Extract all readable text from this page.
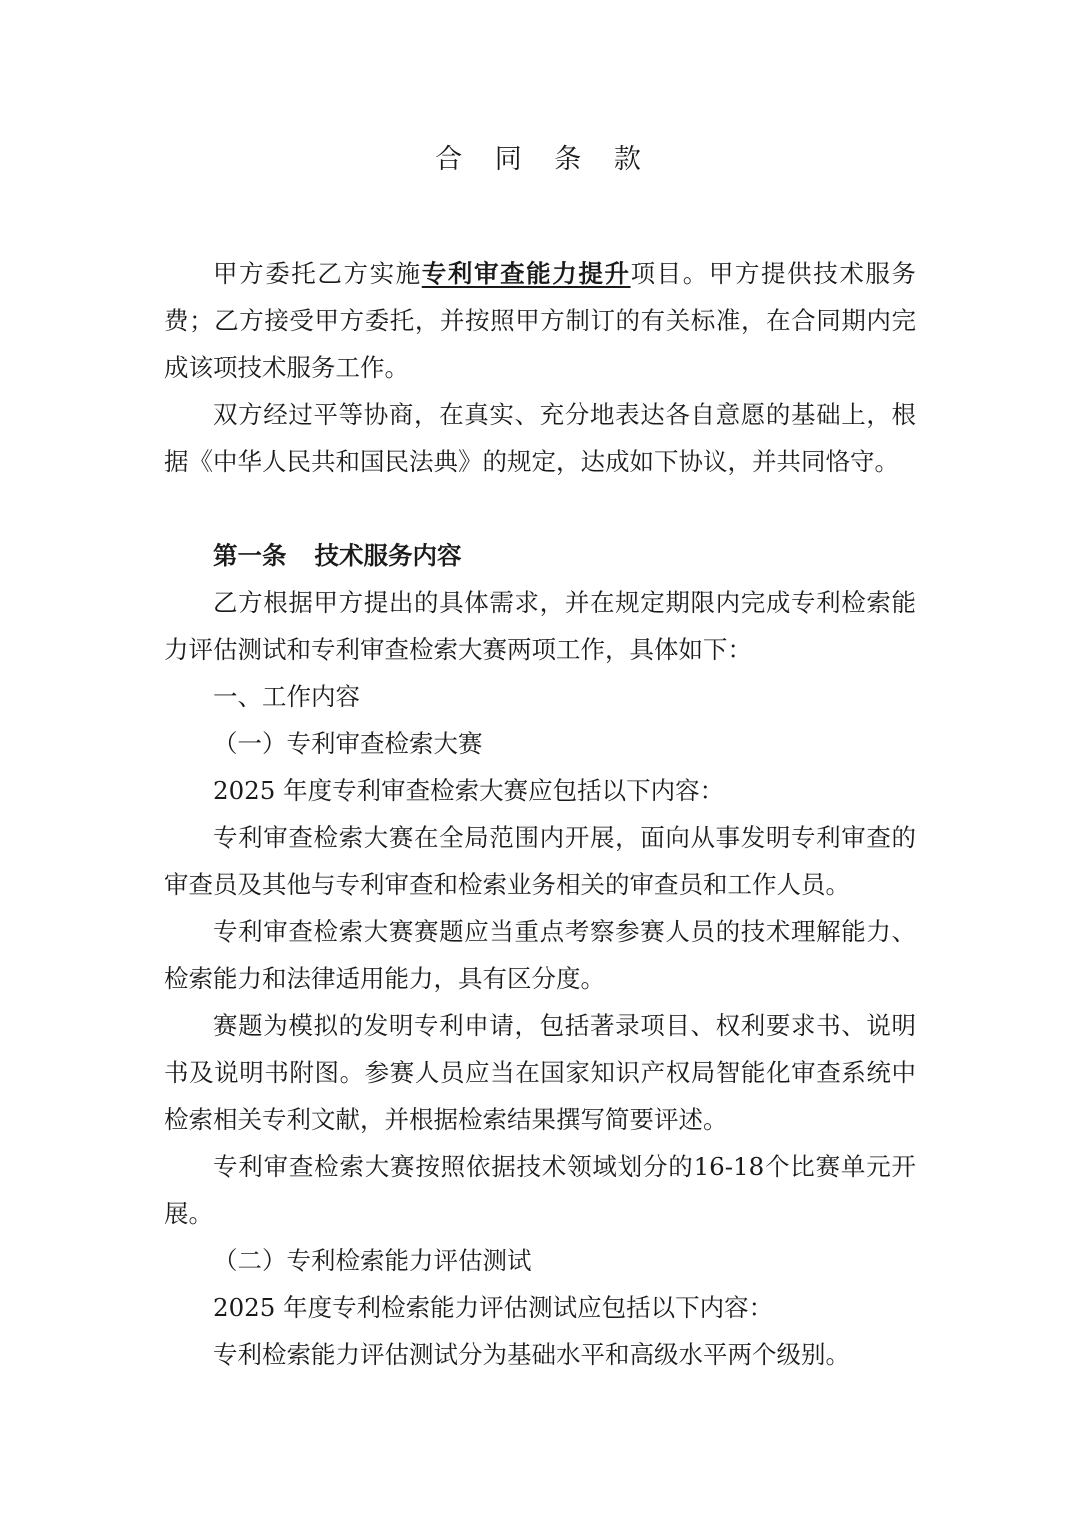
合 同 条 款

甲方委托乙方实施专利审查能力提升项目。甲方提供技术服务费；乙方接受甲方委托，并按照甲方制订的有关标准，在合同期内完成该项技术服务工作。

双方经过平等协商，在真实、充分地表达各自意愿的基础上，根据《中华人民共和国民法典》的规定，达成如下协议，并共同恪守。

第一条 技术服务内容

乙方根据甲方提出的具体需求，并在规定期限内完成专利检索能力评估测试和专利审查检索大赛两项工作，具体如下：

一、工作内容

（一）专利审查检索大赛

2025 年度专利审查检索大赛应包括以下内容：

专利审查检索大赛在全局范围内开展，面向从事发明专利审查的审查员及其他与专利审查和检索业务相关的审查员和工作人员。

专利审查检索大赛赛题应当重点考察参赛人员的技术理解能力、检索能力和法律适用能力，具有区分度。

赛题为模拟的发明专利申请，包括著录项目、权利要求书、说明书及说明书附图。参赛人员应当在国家知识产权局智能化审查系统中检索相关专利文献，并根据检索结果撰写简要评述。

专利审查检索大赛按照依据技术领域划分的16-18个比赛单元开展。

（二）专利检索能力评估测试

2025 年度专利检索能力评估测试应包括以下内容：

专利检索能力评估测试分为基础水平和高级水平两个级别。
